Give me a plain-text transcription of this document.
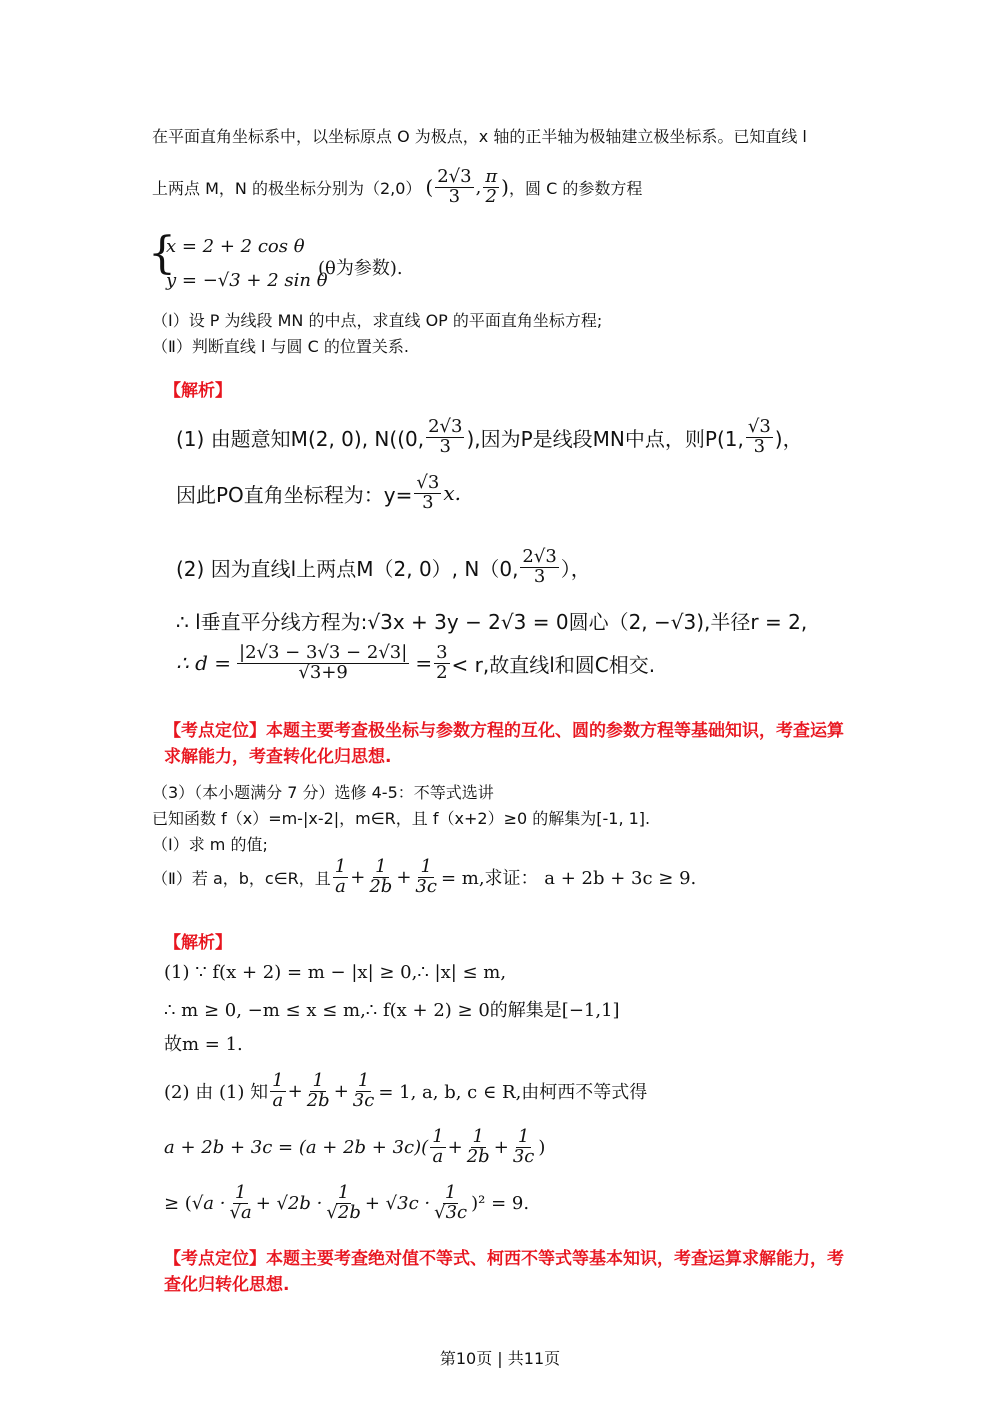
在平面直角坐标系中，以坐标原点 O 为极点，x 轴的正半轴为极轴建立极坐标系。已知直线 l
上两点 M，N 的极坐标分别为（2,0） ( $\frac{2√3}{3}$ , $\frac{\pi}{2}$ ) ，圆 C 的参数方程
{
x = 2 + 2 cos θ
y = −√3 + 2 sin θ
(θ为参数).
（Ⅰ）设 P 为线段 MN 的中点，求直线 OP 的平面直角坐标方程;
（Ⅱ）判断直线 l 与圆 C 的位置关系.
【解析】
(1) 由题意知M(2, 0), N((0, $\frac{2√3}{3}$ ),因为P是线段MN中点，则P(1, $\frac{√3}{3}$ )，
因此PO直角坐标程为：$y= \frac{√3}{3} x$.
(2) 因为直线l上两点M（2, 0）, N（0, $\frac{2√3}{3}$ ），
∴ l垂直平分线方程为:√3x + 3y − 2√3 = 0圆心（2, −√3),半径r = 2,
∴ $d = \frac{|2√3 - 3√3 - 2√3|}{√3+9} = \frac{3}{2} < r$,故直线l和圆C相交.
【考点定位】本题主要考查极坐标与参数方程的互化、圆的参数方程等基础知识，考查运算
求解能力，考查转化化归思想.
（3）（本小题满分 7 分）选修 4-5：不等式选讲
已知函数 f（x）=m-|x-2|，m∈R，且 f（x+2）≥0 的解集为[-1, 1].
（Ⅰ）求 m 的值;
（Ⅱ）若 a，b，c∈R，且 $\frac{1}{a} + \frac{1}{2b} + \frac{1}{3c} = m$,求证： a + 2b + 3c ≥ 9.
【解析】
(1) ∵ f(x + 2) = m − |x| ≥ 0,∴ |x| ≤ m,
∴ m ≥ 0, −m ≤ x ≤ m,∴ f(x + 2) ≥ 0的解集是[−1,1]
故m = 1.
(2) 由 (1) 知 $\frac{1}{a} + \frac{1}{2b} + \frac{1}{3c} = 1$, a, b, c ∈ R,由柯西不等式得
$a + 2b + 3c = (a + 2b + 3c)( \frac{1}{a} + \frac{1}{2b} + \frac{1}{3c}$ )
≥ ( $√a \cdot \frac{1}{√a} + √2b \cdot \frac{1}{√2b} + √3c \cdot \frac{1}{√3c} )^2 = 9$.
【考点定位】本题主要考查绝对值不等式、柯西不等式等基本知识，考查运算求解能力，考
查化归转化思想.
第10页 | 共11页
